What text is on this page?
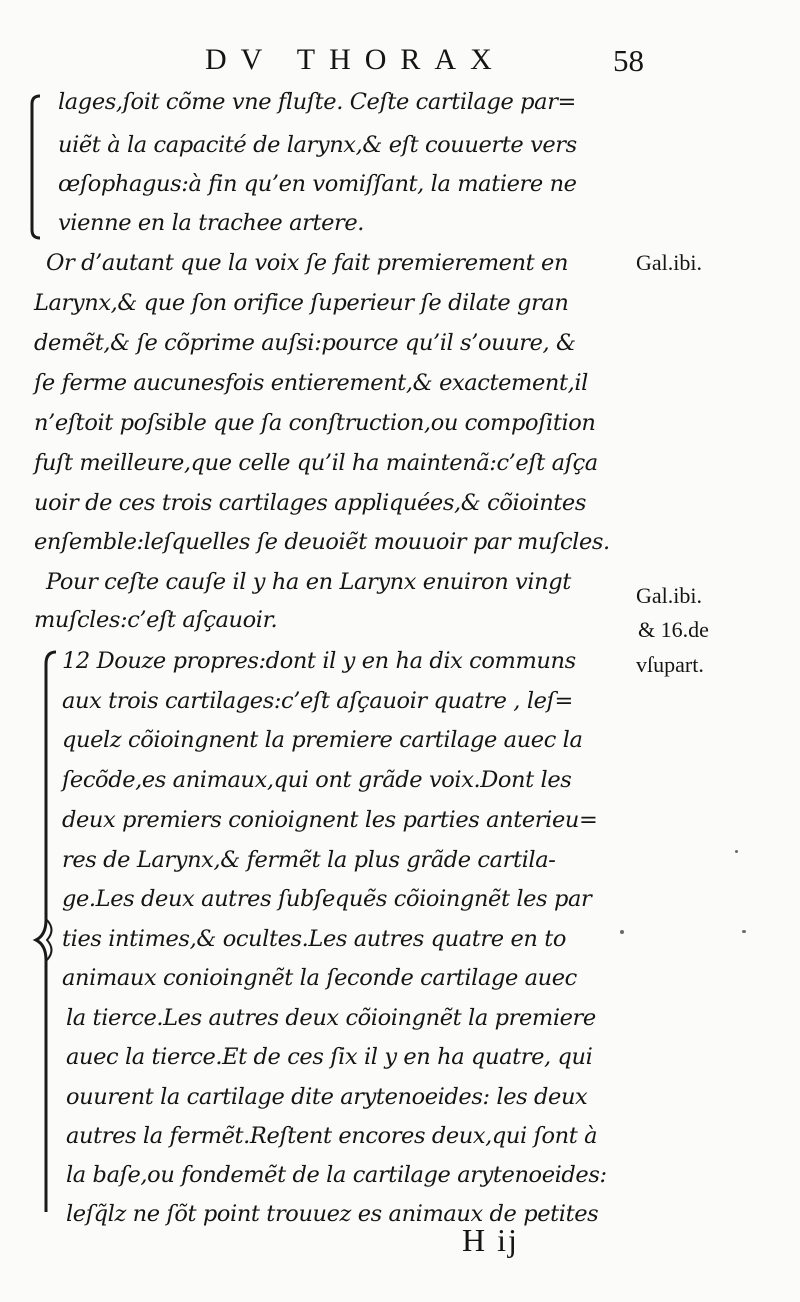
DV THORAX	58
lages,ſoit cõme vne fluſte. Ceſte cartilage par=
uiẽt à la capacité de larynx,& eſt couuerte vers
œſophagus:à fin qu’en vomiſſant, la matiere ne
vienne en la trachee artere.
Or d’autant que la voix ſe fait premierement en
Larynx,& que ſon orifice ſuperieur ſe dilate gran
demẽt,& ſe cõprime auſsi:pource qu’il s’ouure, &
ſe ferme aucunesfois entierement,& exactement,il
n’eſtoit poſsible que ſa conſtruction,ou compoſition
fuſt meilleure,que celle qu’il ha maintenã:c’eſt aſça
uoir de ces trois cartilages appliquées,& cõiointes
enſemble:leſquelles ſe deuoiẽt mouuoir par muſcles.
Pour ceſte cauſe il y ha en Larynx enuiron vingt
muſcles:c’eſt aſçauoir.
12 Douze propres:dont il y en ha dix communs
aux trois cartilages:c’eſt aſçauoir quatre , leſ=
quelz cõioingnent la premiere cartilage auec la
ſecõde,es animaux,qui ont grãde voix.Dont les
deux premiers conioignent les parties anterieu=
res de Larynx,& fermẽt la plus grãde cartila-
ge.Les deux autres ſubſequẽs cõioingnẽt les par
ties intimes,& ocultes.Les autres quatre en to
animaux conioingnẽt la ſeconde cartilage auec
la tierce.Les autres deux cõioingnẽt la premiere
auec la tierce.Et de ces ſix il y en ha quatre, qui
ouurent la cartilage dite arytenoeides: les deux
autres la fermẽt.Reſtent encores deux,qui ſont à
la baſe,ou fondemẽt de la cartilage arytenoeides:
leſq̃lz ne ſõt point trouuez es animaux de petites
Gal.ibi.
Gal.ibi.
& 16.de
vſupart.
H ij
